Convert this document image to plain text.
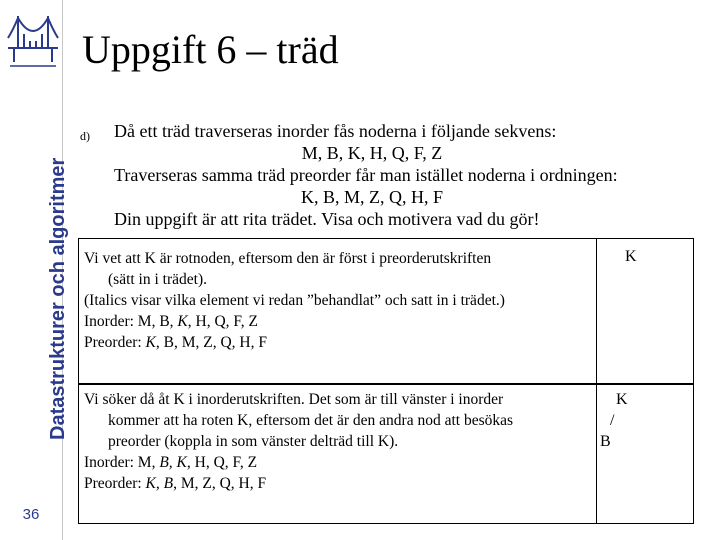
Datastrukturer och algoritmer
36
Uppgift 6 – träd
d) Då ett träd traverseras inorder fås noderna i följande sekvens:
M, B, K, H, Q, F, Z
Traverseras samma träd preorder får man istället noderna i ordningen:
K, B, M, Z, Q, H, F
Din uppgift är att rita trädet. Visa och motivera vad du gör!
Vi vet att K är rotnoden, eftersom den är först i preorderutskriften
(sätt in i trädet).
(Italics visar vilka element vi redan ”behandlat” och satt in i trädet.)
Inorder: M, B, K, H, Q, F, Z
Preorder: K, B, M, Z, Q, H, F
K
Vi söker då åt K i inorderutskriften. Det som är till vänster i inorder
kommer att ha roten K, eftersom det är den andra nod att besökas
preorder (koppla in som vänster delträd till K).
Inorder: M, B, K, H, Q, F, Z
Preorder: K, B, M, Z, Q, H, F
K
/
B
